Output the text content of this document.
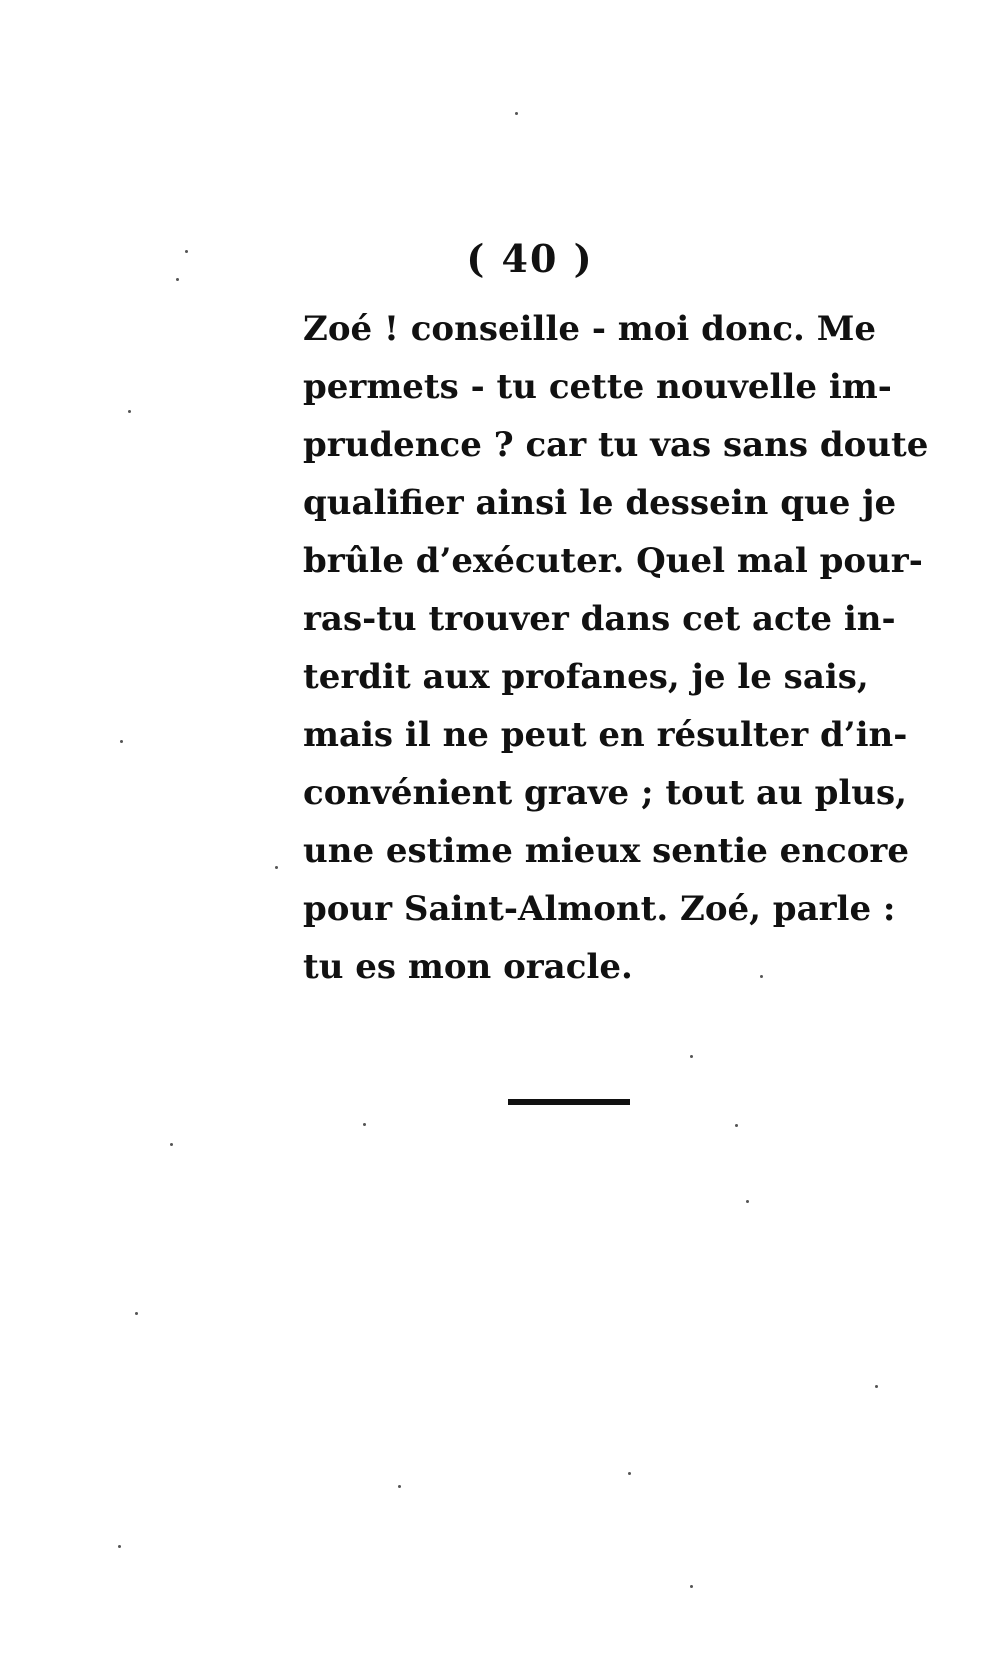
( 40 )
Zoé ! conseille - moi donc. Me
permets - tu cette nouvelle im-
prudence ? car tu vas sans doute
qualifier ainsi le dessein que je
brûle d’exécuter. Quel mal pour-
ras-tu trouver dans cet acte in-
terdit aux profanes, je le sais,
mais il ne peut en résulter d’in-
convénient grave ; tout au plus,
une estime mieux sentie encore
pour Saint-Almont. Zoé, parle :
tu es mon oracle.
